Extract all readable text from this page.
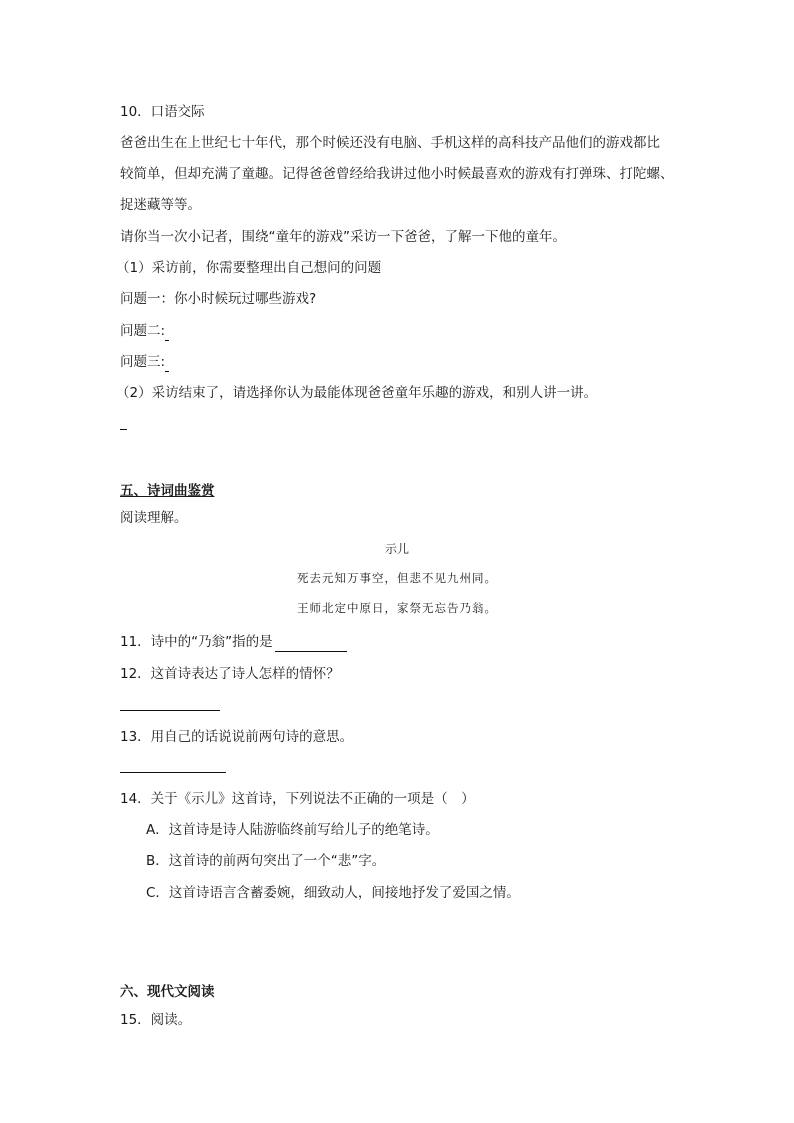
10．口语交际
爸爸出生在上世纪七十年代，那个时候还没有电脑、手机这样的高科技产品他们的游戏都比
较简单，但却充满了童趣。记得爸爸曾经给我讲过他小时候最喜欢的游戏有打弹珠、打陀螺、
捉迷藏等等。
请你当一次小记者，围绕“童年的游戏”采访一下爸爸，了解一下他的童年。
（1）采访前，你需要整理出自己想问的问题
问题一：你小时候玩过哪些游戏?
问题二:
问题三:
（2）采访结束了，请选择你认为最能体现爸爸童年乐趣的游戏，和别人讲一讲。
五、诗词曲鉴赏
阅读理解。
示儿
死去元知万事空，但悲不见九州同。
王师北定中原日，家祭无忘告乃翁。
11．诗中的“乃翁”指的是
12．这首诗表达了诗人怎样的情怀？
13．用自己的话说说前两句诗的意思。
14．关于《示儿》这首诗，下列说法不正确的一项是（　）
A．这首诗是诗人陆游临终前写给儿子的绝笔诗。
B．这首诗的前两句突出了一个“悲”字。
C．这首诗语言含蓄委婉，细致动人，间接地抒发了爱国之情。
六、现代文阅读
15．阅读。
